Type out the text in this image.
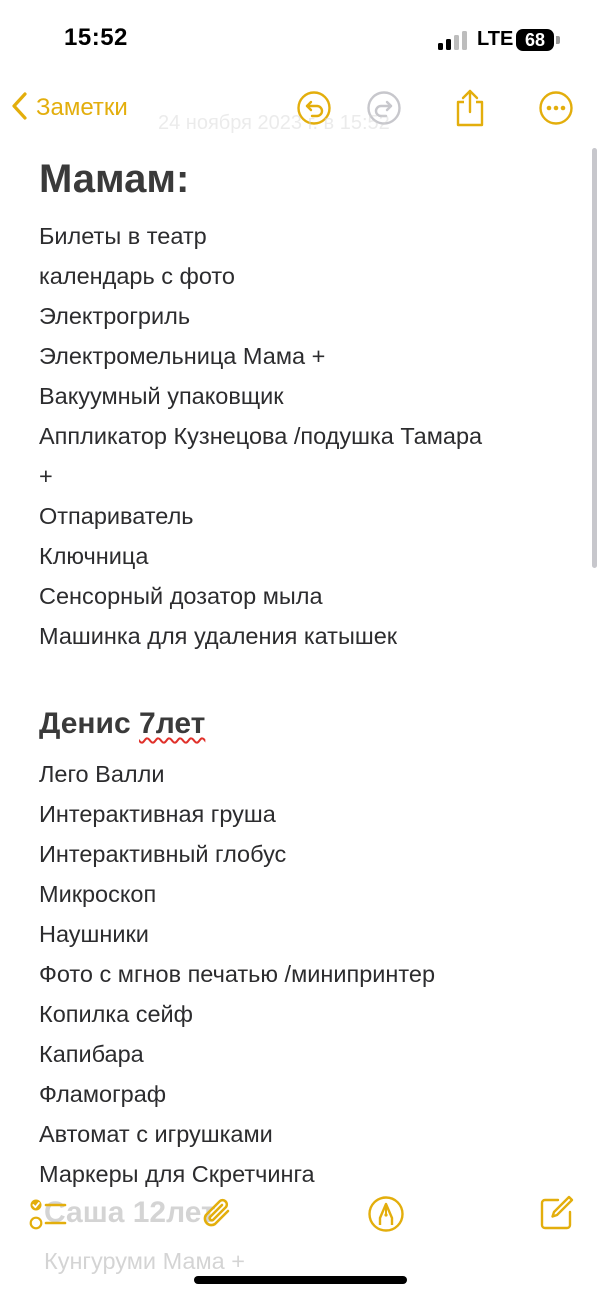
15:52	LTE 68
Заметки
24 ноября 2023 г. в 15:52
Мамам:
Билеты в театр
календарь с фото
Электрогриль
Электромельница Мама +
Вакуумный упаковщик
Аппликатор Кузнецова /подушка Тамара
+
Отпариватель
Ключница
Сенсорный дозатор мыла
Машинка для удаления катышек
Денис 7лет
Лего Валли
Интерактивная груша
Интерактивный глобус
Микроскоп
Наушники
Фото с мгнов печатью /минипринтер
Копилка сейф
Капибара
Фламограф
Автомат с игрушками
Маркеры для Скретчинга
Саша 12лет
Кунгуруми Мама +
